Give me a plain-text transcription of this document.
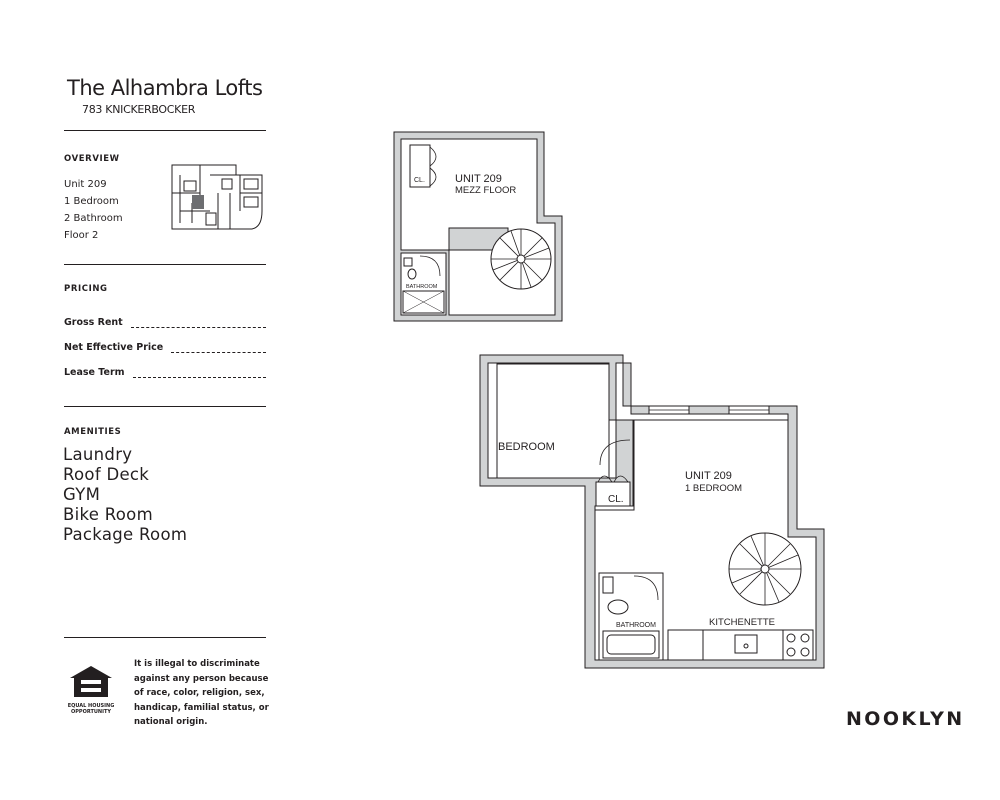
The Alhambra Lofts
783 KNICKERBOCKER
OVERVIEW
Unit 209
1 Bedroom
2 Bathroom
Floor 2
PRICING
Gross Rent
Net Effective Price
Lease Term
AMENITIES
Laundry
Roof Deck
GYM
Bike Room
Package Room
EQUAL HOUSING
OPPORTUNITY
It is illegal to discriminate against any person because of race, color, religion, sex, handicap, familial status, or national origin.	NOOKLYN
CL.
BATHROOM
UNIT 209
MEZZ FLOOR
CL.
BATHROOM	KITCHENETTE
BEDROOM
UNIT 209
1 BEDROOM
